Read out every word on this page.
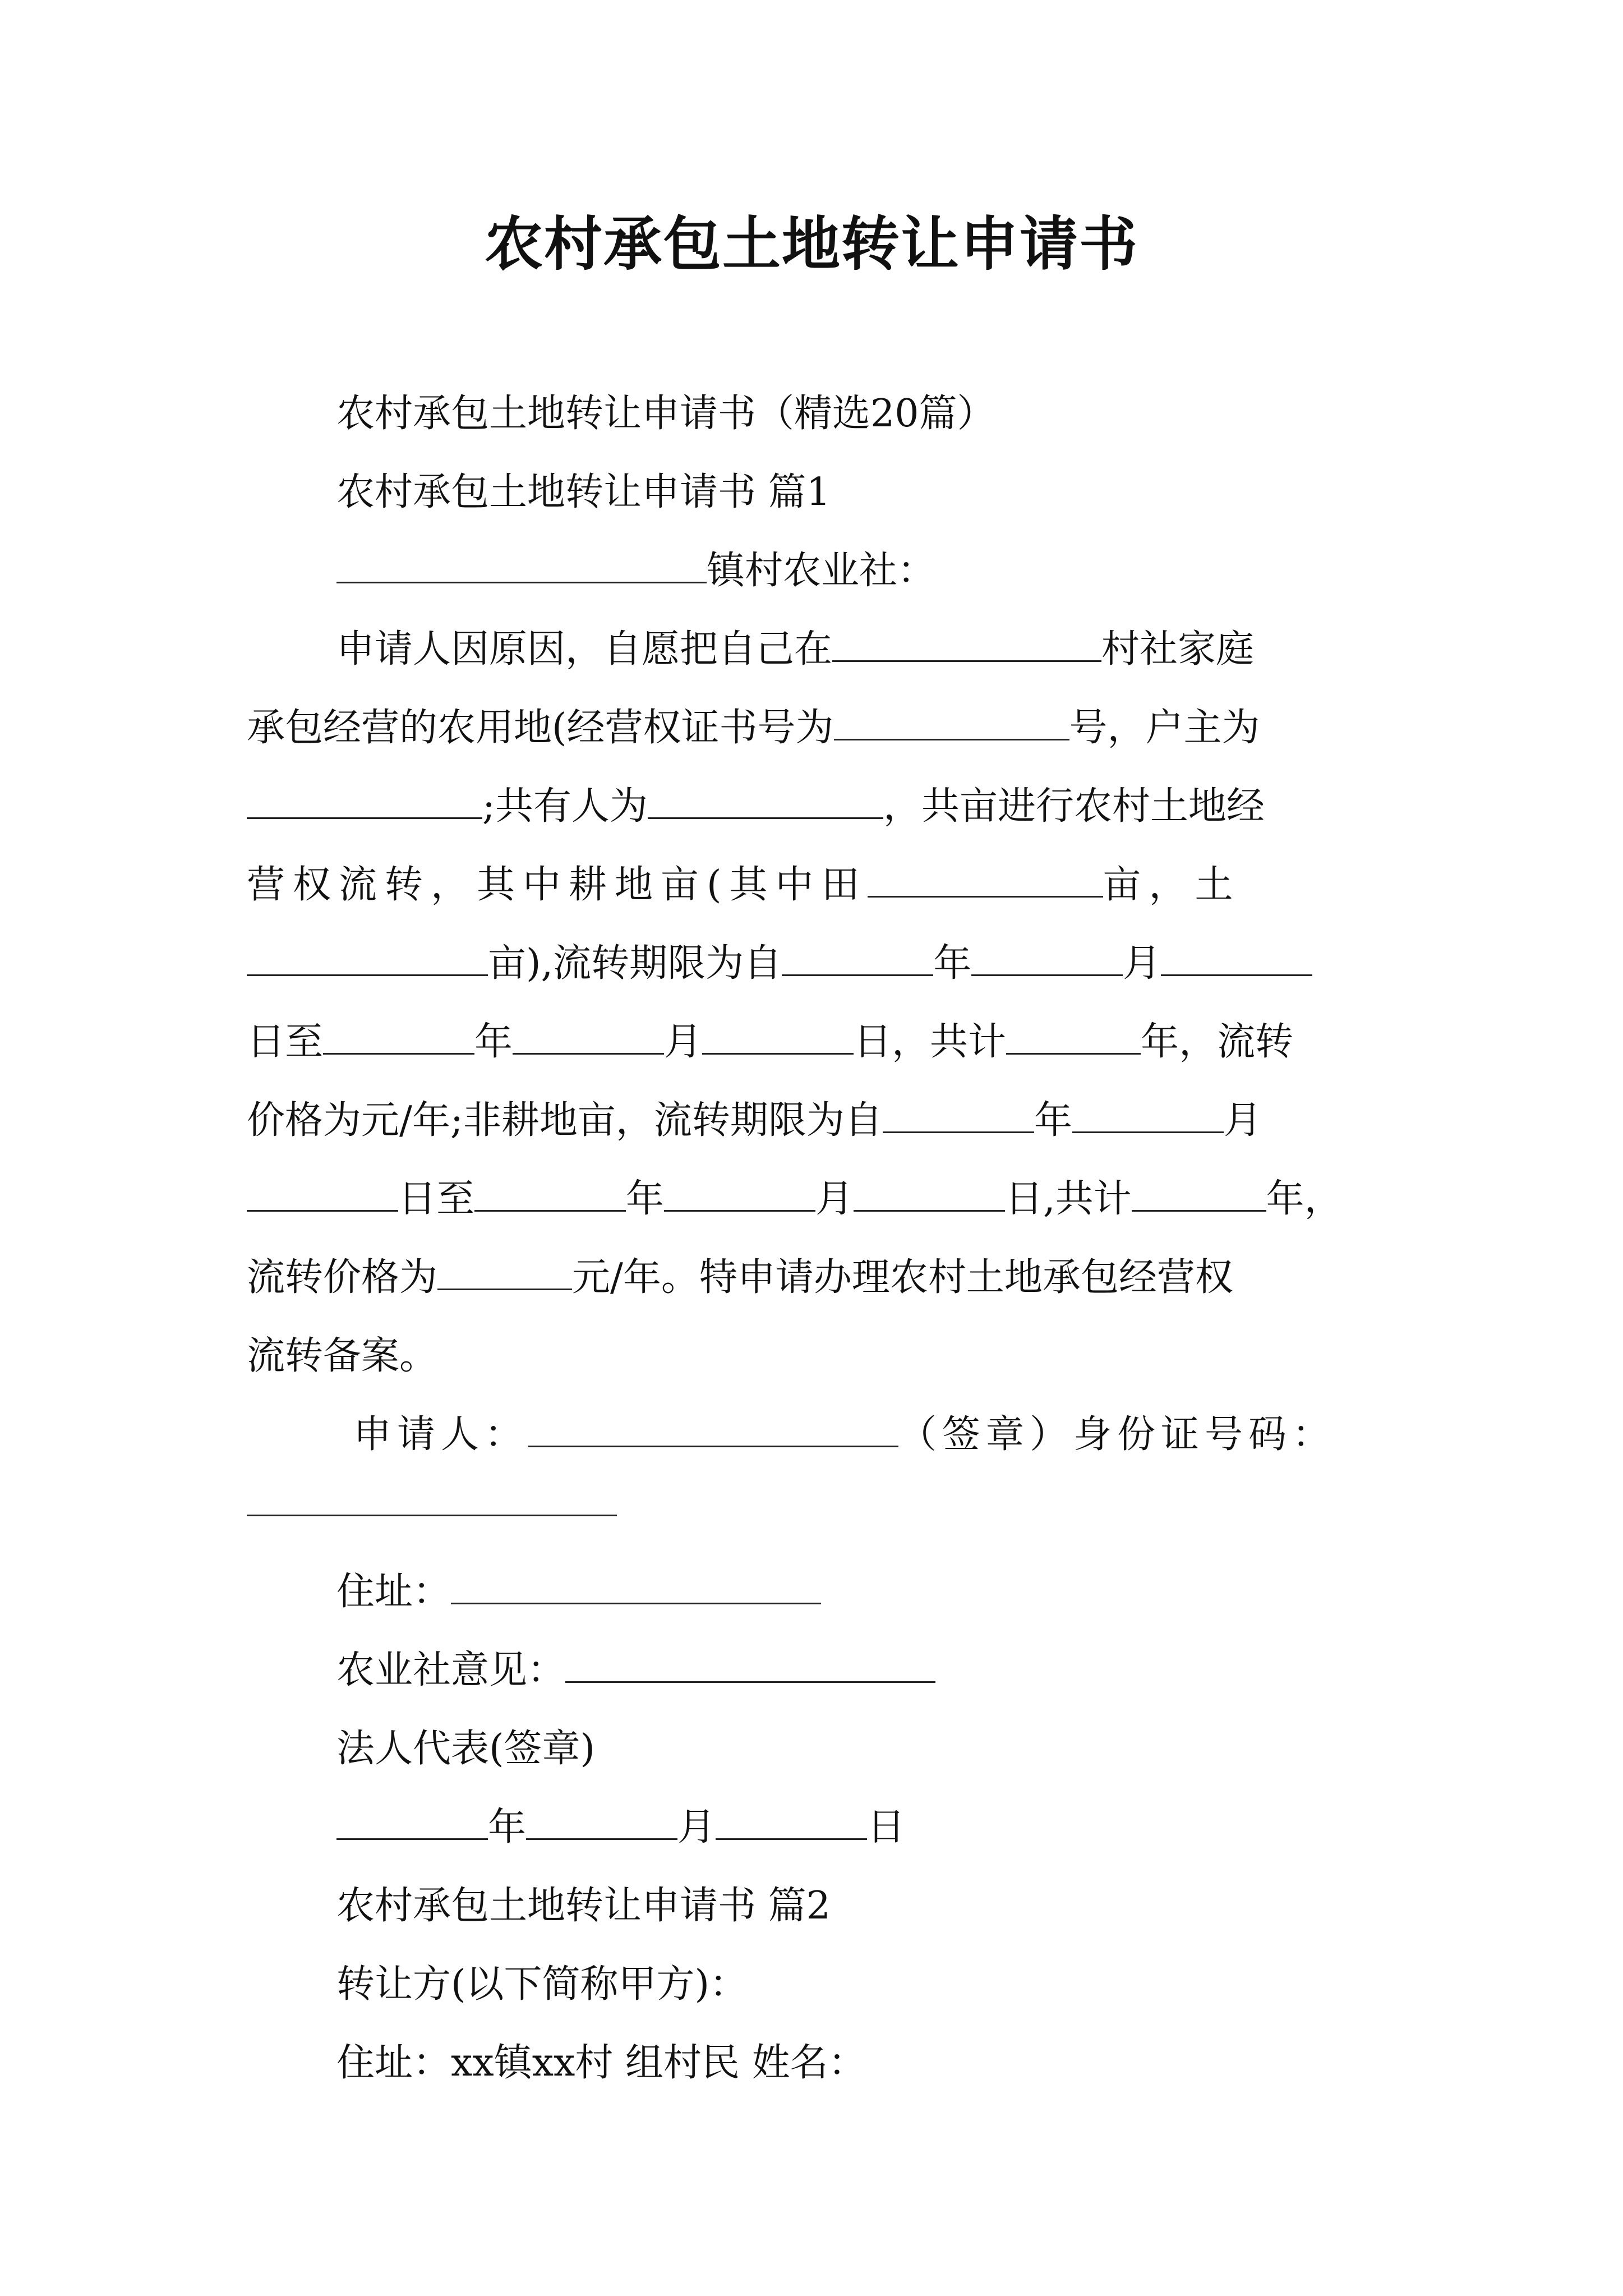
农村承包土地转让申请书
农村承包土地转让申请书（精选20篇）
农村承包土地转让申请书 篇1
镇村农业社：
申请人因原因，自愿把自己在	村社家庭
承包经营的农用地(经营权证书号为	号，户主为
;共有人为	，共亩进行农村土地经
营权流转，其中耕地亩(其中田	亩，土
亩),流转期限为自	年	月
日至	年	月	日，共计	年，流转
价格为元/年;非耕地亩，流转期限为自	年	月
日至	年	月	日,共计	年，
流转价格为	元/年。特申请办理农村土地承包经营权
流转备案。
申请人：	（签章）身份证号码：
住址：
农业社意见：
法人代表(签章)
年	月	日
农村承包土地转让申请书 篇2
转让方(以下简称甲方)：
住址：xx镇xx村 组村民 姓名：
